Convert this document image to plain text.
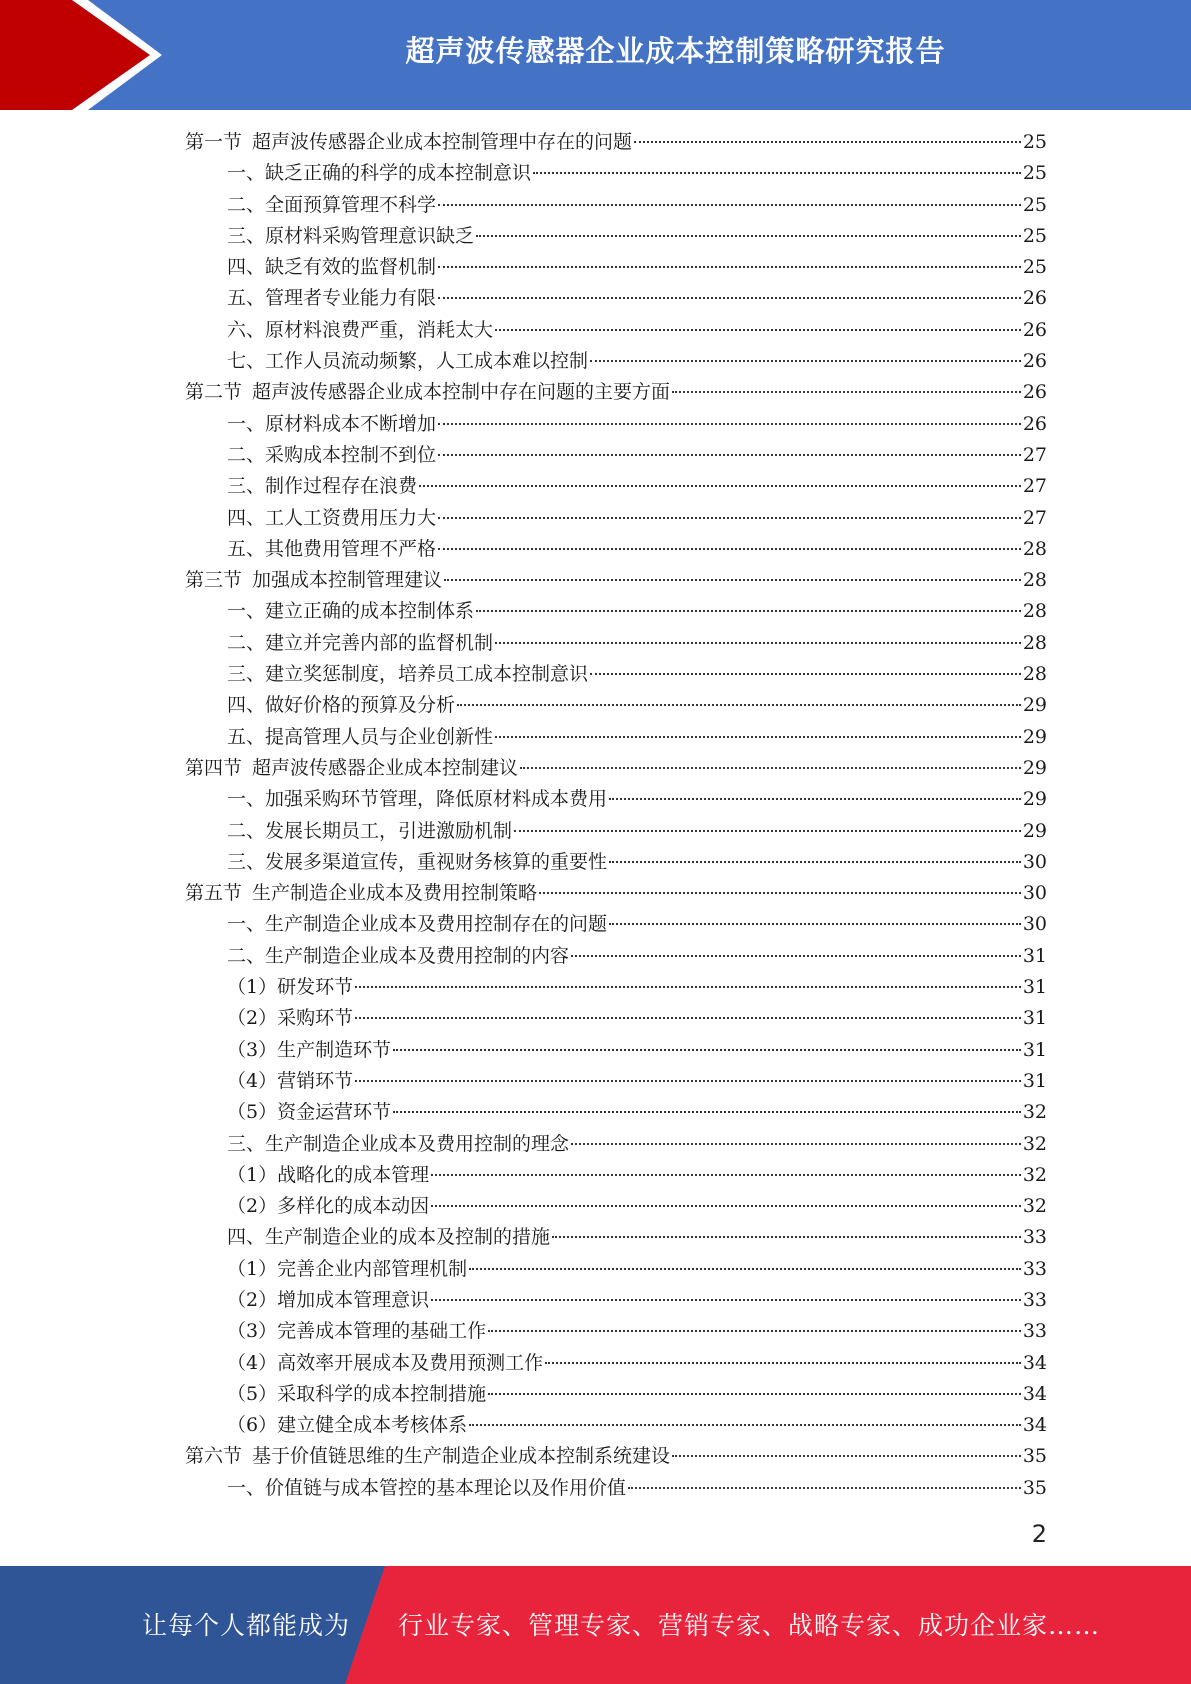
超声波传感器企业成本控制策略研究报告
第一节 超声波传感器企业成本控制管理中存在的问题	25
一、缺乏正确的科学的成本控制意识	25
二、全面预算管理不科学	25
三、原材料采购管理意识缺乏	25
四、缺乏有效的监督机制	25
五、管理者专业能力有限	26
六、原材料浪费严重，消耗太大	26
七、工作人员流动频繁，人工成本难以控制	26
第二节 超声波传感器企业成本控制中存在问题的主要方面	26
一、原材料成本不断增加	26
二、采购成本控制不到位	27
三、制作过程存在浪费	27
四、工人工资费用压力大	27
五、其他费用管理不严格	28
第三节 加强成本控制管理建议	28
一、建立正确的成本控制体系	28
二、建立并完善内部的监督机制	28
三、建立奖惩制度，培养员工成本控制意识	28
四、做好价格的预算及分析	29
五、提高管理人员与企业创新性	29
第四节 超声波传感器企业成本控制建议	29
一、加强采购环节管理，降低原材料成本费用	29
二、发展长期员工，引进激励机制	29
三、发展多渠道宣传，重视财务核算的重要性	30
第五节 生产制造企业成本及费用控制策略	30
一、生产制造企业成本及费用控制存在的问题	30
二、生产制造企业成本及费用控制的内容	31
（1）研发环节	31
（2）采购环节	31
（3）生产制造环节	31
（4）营销环节	31
（5）资金运营环节	32
三、生产制造企业成本及费用控制的理念	32
（1）战略化的成本管理	32
（2）多样化的成本动因	32
四、生产制造企业的成本及控制的措施	33
（1）完善企业内部管理机制	33
（2）增加成本管理意识	33
（3）完善成本管理的基础工作	33
（4）高效率开展成本及费用预测工作	34
（5）采取科学的成本控制措施	34
（6）建立健全成本考核体系	34
第六节 基于价值链思维的生产制造企业成本控制系统建设	35
一、价值链与成本管控的基本理论以及作用价值	35
2
让每个人都能成为 行业专家、管理专家、营销专家、战略专家、成功企业家……
